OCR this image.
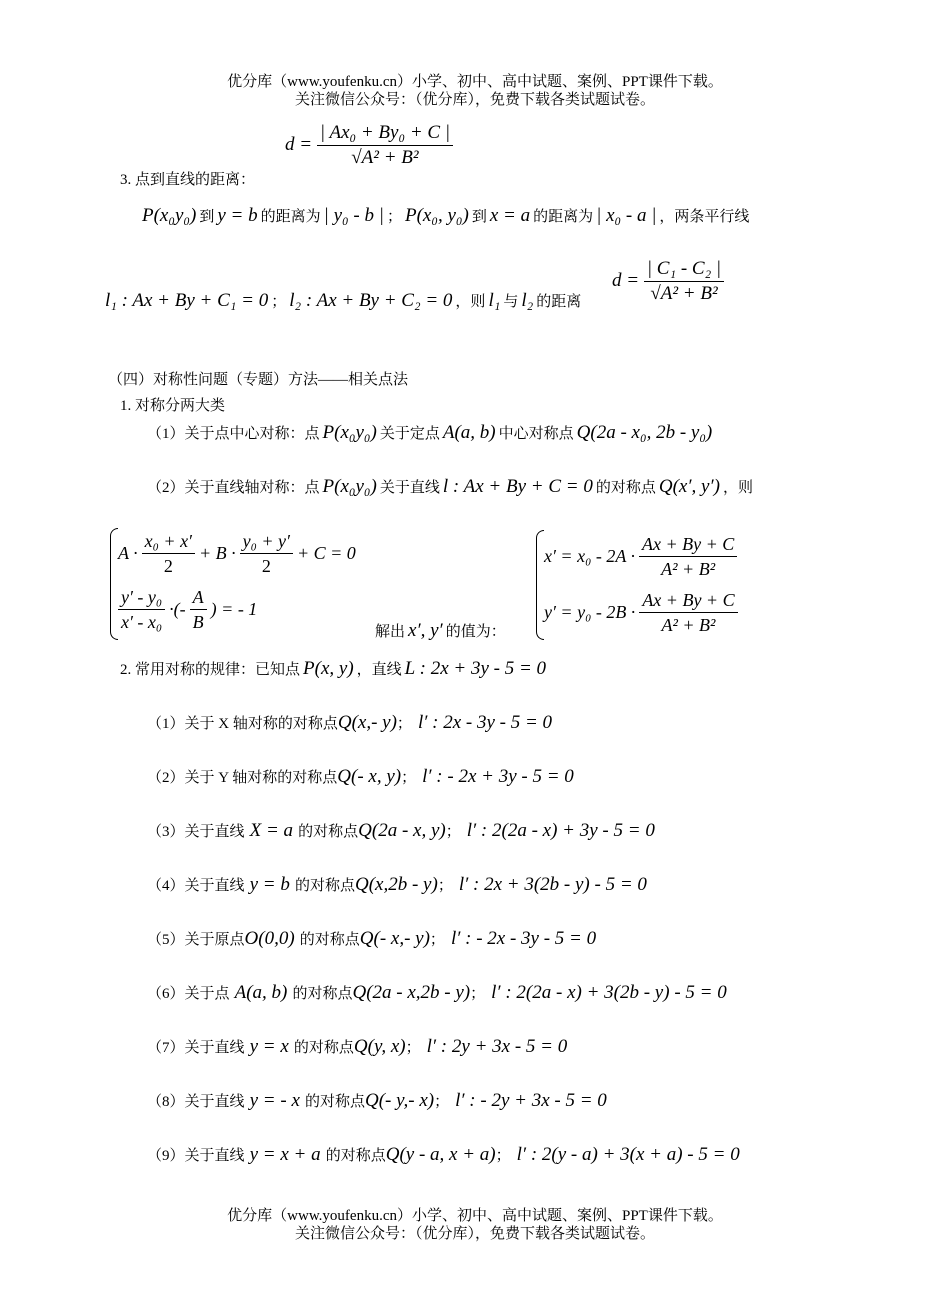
优分库（www.youfenku.cn）小学、初中、高中试题、案例、PPT课件下载。
关注微信公众号：（优分库），免费下载各类试题试卷。
$d = \frac{\text{| Ax₀ + By₀ + C |}}{\text{√A² + B²}}$
3. 点到直线的距离：
P(x₀y₀) 到 y = b 的距离为 | y₀ - b | ； P(x₀, y₀) 到 x = a 的距离为 | x₀ - a | ，两条平行线
l₁ : Ax + By + C₁ = 0 ； l₂ : Ax + By + C₂ = 0 ，则 l₁ 与 l₂ 的距离
$d = \frac{\text{| C₁ - C₂ |}}{\text{√A² + B²}}$
（四）对称性问题（专题）方法——相关点法
1. 对称分两大类
（1）关于点中心对称：点 P(x₀y₀) 关于定点 A(a, b) 中心对称点 Q(2a - x₀, 2b - y₀)
（2）关于直线轴对称：点 P(x₀y₀) 关于直线 l : Ax + By + C = 0 的对称点 Q(x′, y′) ，则
$A \cdot \frac{\text{x₀ + x′}}{2} + B \cdot \frac{\text{y₀ + y′}}{2} + C = 0$
$\frac{\text{y′ - y₀}}{\text{x′ - x₀}}$ ·(- $\frac{A}{B}$ ) = - 1
解出 x′, y′ 的值为：
$x' = x_0 - 2A \cdot \frac{Ax + By + C}{\text{A² + B²}}$
$y' = y_0 - 2B \cdot \frac{Ax + By + C}{\text{A² + B²}}$
2. 常用对称的规律：已知点 P(x, y) ，直线 L : 2x + 3y - 5 = 0
（1）关于 X 轴对称的对称点Q(x,- y)； l′ : 2x - 3y - 5 = 0
（2）关于 Y 轴对称的对称点Q(- x, y)； l′ : - 2x + 3y - 5 = 0
（3）关于直线 X = a 的对称点Q(2a - x, y)； l′ : 2(2a - x) + 3y - 5 = 0
（4）关于直线 y = b 的对称点Q(x,2b - y)； l′ : 2x + 3(2b - y) - 5 = 0
（5）关于原点O(0,0) 的对称点Q(- x,- y)； l′ : - 2x - 3y - 5 = 0
（6）关于点 A(a, b) 的对称点Q(2a - x,2b - y)； l′ : 2(2a - x) + 3(2b - y) - 5 = 0
（7）关于直线 y = x 的对称点Q(y, x)； l′ : 2y + 3x - 5 = 0
（8）关于直线 y = - x 的对称点Q(- y,- x)； l′ : - 2y + 3x - 5 = 0
（9）关于直线 y = x + a 的对称点Q(y - a, x + a)； l′ : 2(y - a) + 3(x + a) - 5 = 0
优分库（www.youfenku.cn）小学、初中、高中试题、案例、PPT课件下载。
关注微信公众号：（优分库），免费下载各类试题试卷。
